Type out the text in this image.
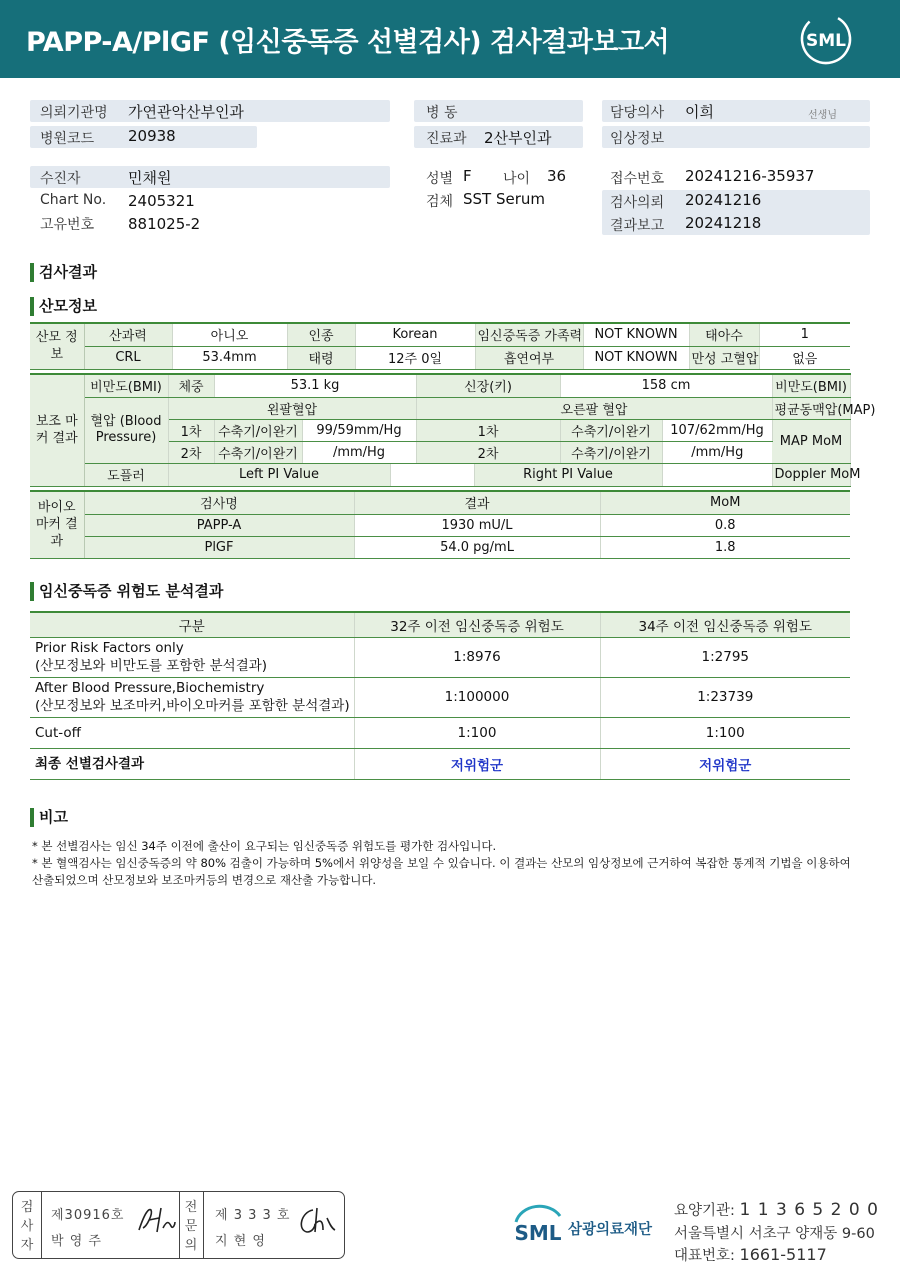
PAPP-A/PlGF (임신중독증 선별검사) 검사결과보고서	SML
의뢰기관명 가연관악산부인과
병원코드 20938
병 동
진료과 2산부인과
담당의사 이희	선생님
임상정보
수진자	민채원
Chart No. 2405321
고유번호 881025-2
성별 F 나이 36
검체 SST Serum
접수번호 20241216-35937
검사의뢰 20241216
결과보고 20241218
검사결과
산모정보
산모 정보	산과력	아니오	인종	Korean	임신중독증 가족력	NOT KNOWN	태아수	1
	CRL	53.4mm	태령	12주 0일	흡연여부	NOT KNOWN	만성 고혈압	없음
보조 마커 결과	비만도(BMI)	체중	53.1 kg			신장(키)		158 cm		비만도(BMI)	
	혈압 (Blood Pressure)	왼팔혈압				오른팔 혈압				평균동맥압(MAP)	
		1차	수축기/이완기	99/59mm/Hg		1차		수축기/이완기	107/62mm/Hg	MAP MoM	
		2차	수축기/이완기	/mm/Hg		2차		수축기/이완기	/mm/Hg		
	도플러	Left PI Value					Right PI Value			Doppler MoM	
바이오 마커 결과	검사명	결과	MoM
	PAPP-A	1930 mU/L	0.8
	PlGF	54.0 pg/mL	1.8
임신중독증 위험도 분석결과
구분	32주 이전 임신중독증 위험도	34주 이전 임신중독증 위험도

Prior Risk Factors only
(산모정보와 비만도를 포함한 분석결과)	1:8976	1:2795

After Blood Pressure,Biochemistry
(산모정보와 보조마커,바이오마커를 포함한 분석결과)	1:100000	1:23739

Cut-off	1:100	1:100
최종 선별검사결과	저위험군	저위험군
비고
* 본 선별검사는 임신 34주 이전에 출산이 요구되는 임신중독증 위험도를 평가한 검사입니다.
* 본 혈액검사는 임신중독증의 약 80% 검출이 가능하며 5%에서 위양성을 보일 수 있습니다. 이 결과는 산모의 임상정보에 근거하여 복잡한 통계적 기법을 이용하여 산출되었으며 산모정보와 보조마커등의 변경으로 재산출 가능합니다.
검 사 자
제30916호
박 영 주
전 문 의
제 3 3 3 호
지 현 영	SML 삼광의료재단
요양기관: 1 1 3 6 5 2 0 0
서울특별시 서초구 양재동 9-60
대표번호: 1661-5117
